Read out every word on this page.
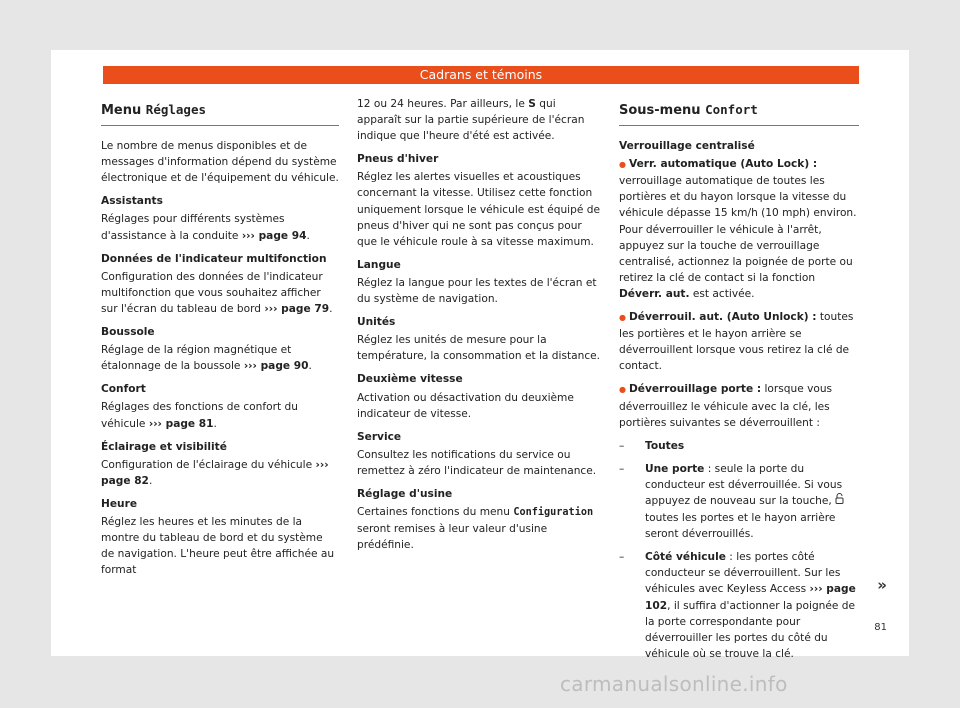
Cadrans et témoins
Menu Réglages

Le nombre de menus disponibles et de messages d'information dépend du système électronique et de l'équipement du véhicule.

Assistants

Réglages pour différents systèmes d'assistance à la conduite ››› page 94.

Données de l'indicateur multifonction

Configuration des données de l'indicateur multifonction que vous souhaitez afficher sur l'écran du tableau de bord ››› page 79.

Boussole

Réglage de la région magnétique et étalonnage de la boussole ››› page 90.

Confort

Réglages des fonctions de confort du véhicule ››› page 81.

Éclairage et visibilité

Configuration de l'éclairage du véhicule ››› page 82.

Heure

Réglez les heures et les minutes de la montre du tableau de bord et du système de navigation. L'heure peut être affichée au format

12 ou 24 heures. Par ailleurs, le S qui apparaît sur la partie supérieure de l'écran indique que l'heure d'été est activée.

Pneus d'hiver

Réglez les alertes visuelles et acoustiques concernant la vitesse. Utilisez cette fonction uniquement lorsque le véhicule est équipé de pneus d'hiver qui ne sont pas conçus pour que le véhicule roule à sa vitesse maximum.

Langue

Réglez la langue pour les textes de l'écran et du système de navigation.

Unités

Réglez les unités de mesure pour la température, la consommation et la distance.

Deuxième vitesse

Activation ou désactivation du deuxième indicateur de vitesse.

Service

Consultez les notifications du service ou remettez à zéro l'indicateur de maintenance.

Réglage d'usine

Certaines fonctions du menu Configuration seront remises à leur valeur d'usine prédéfinie.

Sous-menu Confort

Verrouillage centralisé

● Verr. automatique (Auto Lock) : verrouillage automatique de toutes les portières et du hayon lorsque la vitesse du véhicule dépasse 15 km/h (10 mph) environ. Pour déverrouiller le véhicule à l'arrêt, appuyez sur la touche de verrouillage centralisé, actionnez la poignée de porte ou retirez la clé de contact si la fonction Déverr. aut. est activée.

● Déverrouil. aut. (Auto Unlock) : toutes les portières et le hayon arrière se déverrouillent lorsque vous retirez la clé de contact.

● Déverrouillage porte : lorsque vous déverrouillez le véhicule avec la clé, les portières suivantes se déverrouillent :

– Toutes

– Une porte : seule la porte du conducteur est déverrouillée. Si vous appuyez de nouveau sur la touche,  toutes les portes et le hayon arrière seront déverrouillés.

– Côté véhicule : les portes côté conducteur se déverrouillent. Sur les véhicules avec Keyless Access ››› page 102, il suffira d'actionner la poignée de la porte correspondante pour déverrouiller les portes du côté du véhicule où se trouve la clé.

»
81
carmanualsonline.info
